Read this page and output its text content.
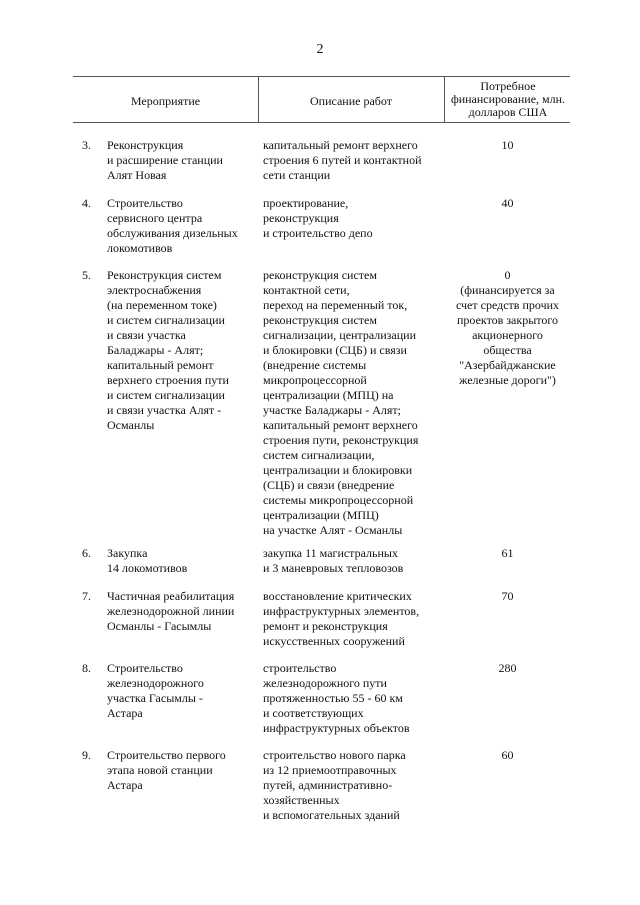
2
Мероприятие	Описание работ
Потребное финансирование, млн. долларов США
3. Реконструкция
и расширение станции
Алят Новая
капитальный ремонт верхнего
строения 6 путей и контактной
сети станции
10
4. Строительство
сервисного центра
обслуживания дизельных
локомотивов
проектирование,
реконструкция
и строительство депо
40
5. Реконструкция систем
электроснабжения
(на переменном токе)
и систем сигнализации
и связи участка
Баладжары - Алят;
капитальный ремонт
верхнего строения пути
и систем сигнализации
и связи участка Алят -
Османлы
реконструкция систем
контактной сети,
переход на переменный ток,
реконструкция систем
сигнализации, централизации
и блокировки (СЦБ) и связи
(внедрение системы
микропроцессорной
централизации (МПЦ) на
участке Баладжары - Алят;
капитальный ремонт верхнего
строения пути, реконструкция
систем сигнализации,
централизации и блокировки
(СЦБ) и связи (внедрение
системы микропроцессорной
централизации (МПЦ)
на участке Алят - Османлы
0
(финансируется за
счет средств прочих
проектов закрытого
акционерного
общества
"Азербайджанские
железные дороги")
6. Закупка
14 локомотивов
закупка 11 магистральных
и 3 маневровых тепловозов
61
7. Частичная реабилитация
железнодорожной линии
Османлы - Гасымлы
восстановление критических
инфраструктурных элементов,
ремонт и реконструкция
искусственных сооружений
70
8. Строительство
железнодорожного
участка Гасымлы -
Астара
строительство
железнодорожного пути
протяженностью 55 - 60 км
и соответствующих
инфраструктурных объектов
280
9. Строительство первого
этапа новой станции
Астара
строительство нового парка
из 12 приемоотправочных
путей, административно-
хозяйственных
и вспомогательных зданий
60
